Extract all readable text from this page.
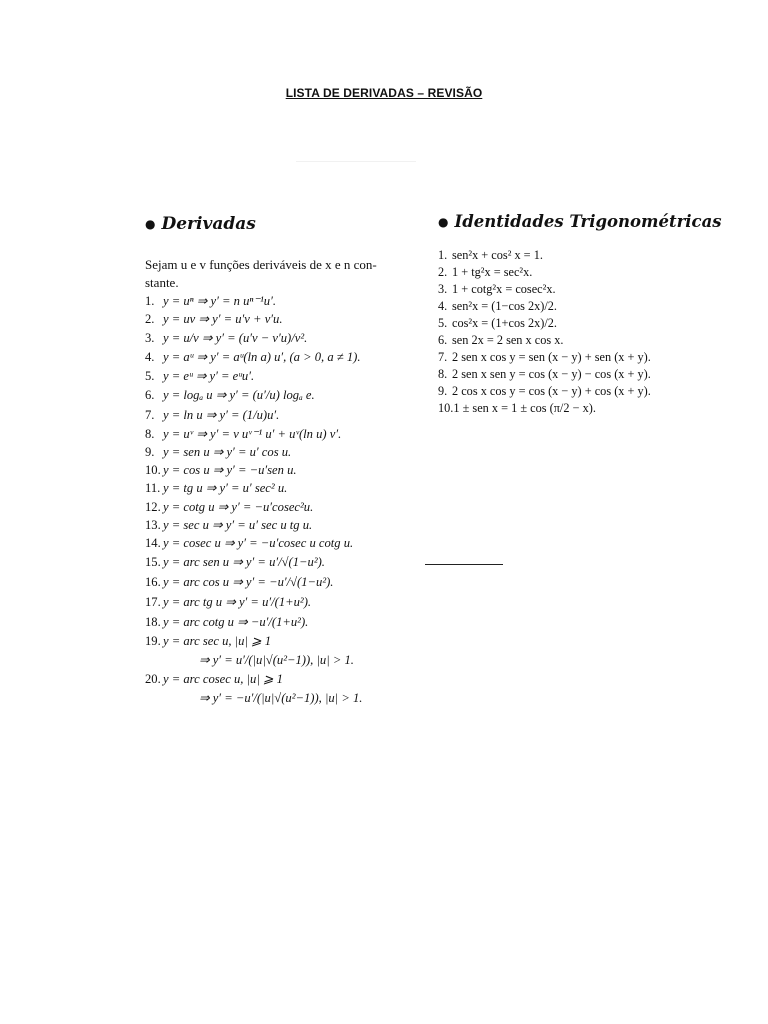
LISTA DE DERIVADAS – REVISÃO
● Derivadas
Sejam u e v funções deriváveis de x e n con-
stante.
1. y = uⁿ ⇒ y′ = n uⁿ⁻¹u′.
2. y = uv ⇒ y′ = u′v + v′u.
3. y = u/v ⇒ y′ = (u′v − v′u)/v².
4. y = aᵘ ⇒ y′ = aᵘ(ln a) u′, (a > 0, a ≠ 1).
5. y = eᵘ ⇒ y′ = eᵘu′.
6. y = logₐ u ⇒ y′ = (u′/u) logₐ e.
7. y = ln u ⇒ y′ = (1/u)u′.
8. y = uᵛ ⇒ y′ = v uᵛ⁻¹ u′ + uᵛ(ln u) v′.
9. y = sen u ⇒ y′ = u′ cos u.
10. y = cos u ⇒ y′ = −u′sen u.
11. y = tg u ⇒ y′ = u′ sec² u.
12. y = cotg u ⇒ y′ = −u′cosec²u.
13. y = sec u ⇒ y′ = u′ sec u tg u.
14. y = cosec u ⇒ y′ = −u′cosec u cotg u.
15. y = arc sen u ⇒ y′ = u′/√(1−u²).
16. y = arc cos u ⇒ y′ = −u′/√(1−u²).
17. y = arc tg u ⇒ y′ = u′/(1+u²).
18. y = arc cotg u ⇒ −u′/(1+u²).
19. y = arc sec u, |u| ⩾ 1
⇒ y′ = u′/(|u|√(u²−1)), |u| > 1.
20. y = arc cosec u, |u| ⩾ 1
⇒ y′ = −u′/(|u|√(u²−1)), |u| > 1.
● Identidades Trigonométricas
1. sen²x + cos² x = 1.
2. 1 + tg²x = sec²x.
3. 1 + cotg²x = cosec²x.
4. sen²x = (1−cos 2x)/2.
5. cos²x = (1+cos 2x)/2.
6. sen 2x = 2 sen x cos x.
7. 2 sen x cos y = sen (x − y) + sen (x + y).
8. 2 sen x sen y = cos (x − y) − cos (x + y).
9. 2 cos x cos y = cos (x − y) + cos (x + y).
10. 1 ± sen x = 1 ± cos (π/2 − x).
